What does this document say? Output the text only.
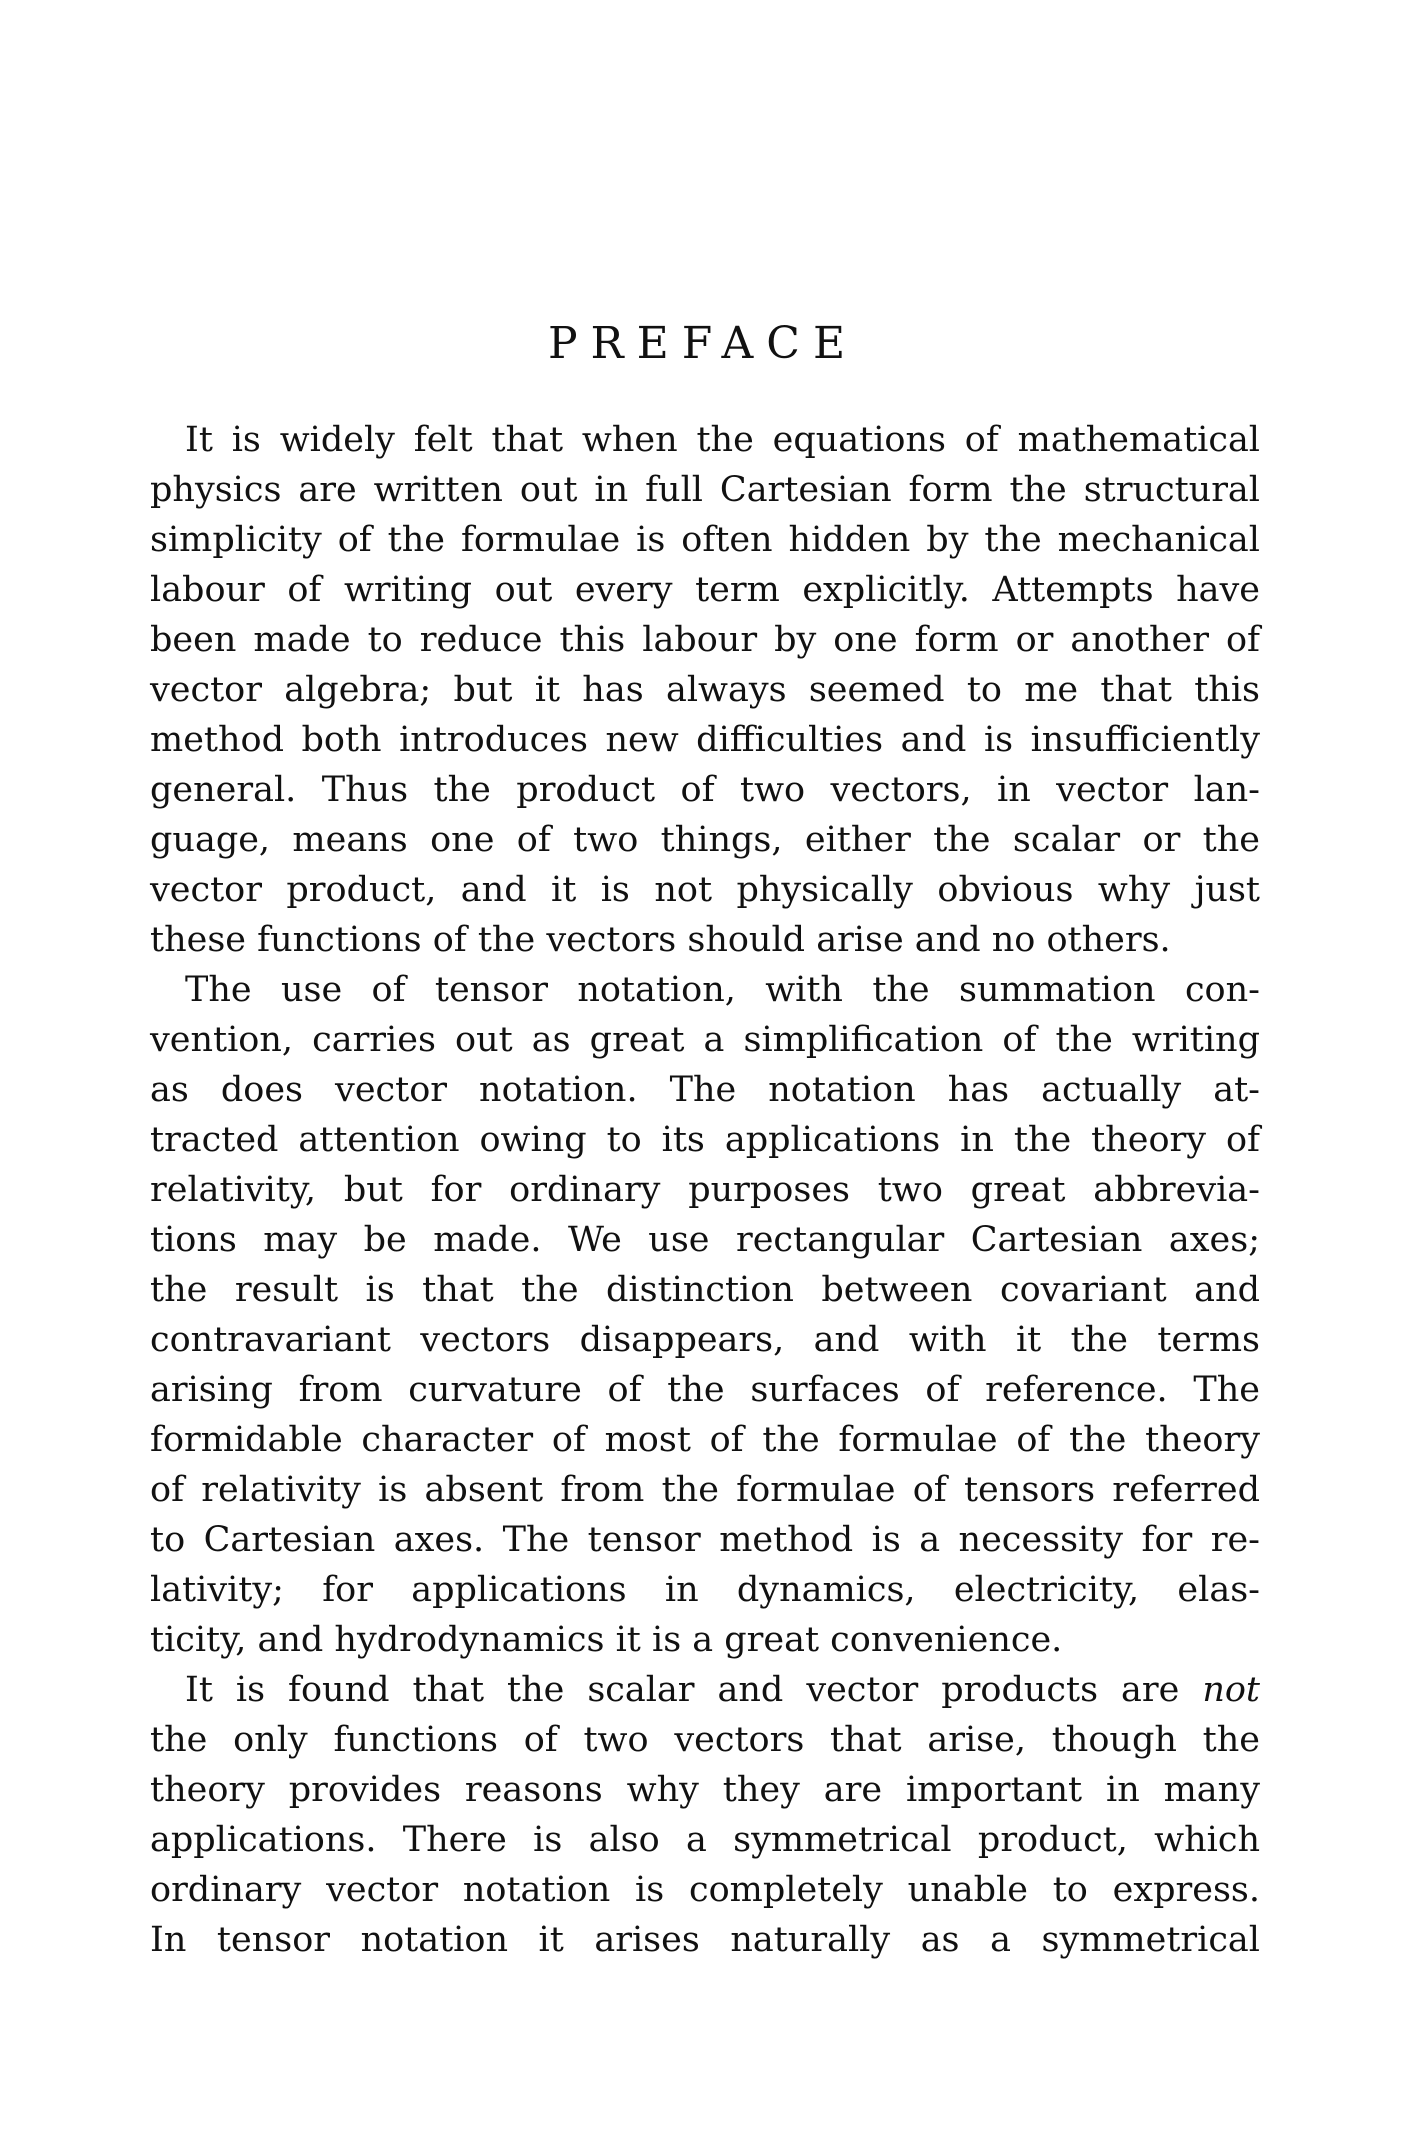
PREFACE
It is widely felt that when the equations of mathematical
physics are written out in full Cartesian form the structural
simplicity of the formulae is often hidden by the mechanical
labour of writing out every term explicitly. Attempts have
been made to reduce this labour by one form or another of
vector algebra; but it has always seemed to me that this
method both introduces new difficulties and is insufficiently
general. Thus the product of two vectors, in vector lan-
guage, means one of two things, either the scalar or the
vector product, and it is not physically obvious why just
these functions of the vectors should arise and no others.
The use of tensor notation, with the summation con-
vention, carries out as great a simplification of the writing
as does vector notation. The notation has actually at-
tracted attention owing to its applications in the theory of
relativity, but for ordinary purposes two great abbrevia-
tions may be made. We use rectangular Cartesian axes;
the result is that the distinction between covariant and
contravariant vectors disappears, and with it the terms
arising from curvature of the surfaces of reference. The
formidable character of most of the formulae of the theory
of relativity is absent from the formulae of tensors referred
to Cartesian axes. The tensor method is a necessity for re-
lativity; for applications in dynamics, electricity, elas-
ticity, and hydrodynamics it is a great convenience.
It is found that the scalar and vector products are not
the only functions of two vectors that arise, though the
theory provides reasons why they are important in many
applications. There is also a symmetrical product, which
ordinary vector notation is completely unable to express.
In tensor notation it arises naturally as a symmetrical
